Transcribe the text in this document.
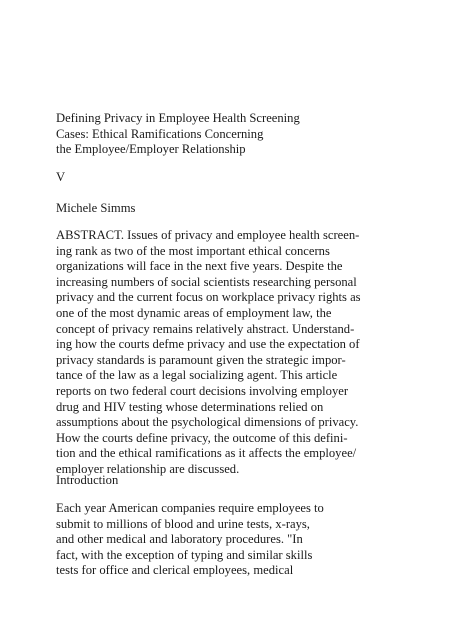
Defining Privacy in Employee Health Screening
Cases: Ethical Ramifications Concerning
the Employee/Employer Relationship
V
Michele Simms
ABSTRACT. Issues of privacy and employee health screen-
ing rank as two of the most important ethical concerns
organizations will face in the next five years. Despite the
increasing numbers of social scientists researching personal
privacy and the current focus on workplace privacy rights as
one of the most dynamic areas of employment law, the
concept of privacy remains relatively ahstract. Understand-
ing how the courts defme privacy and use the expectation of
privacy standards is paramount given the strategic impor-
tance of the law as a legal socializing agent. This article
reports on two federal court decisions involving employer
drug and HIV testing whose determinations relied on
assumptions about the psychological dimensions of privacy.
How the courts define privacy, the outcome of this defini-
tion and the ethical ramifications as it affects the employee/
employer relationship are discussed.
Introduction
Each year American companies require employees to
submit to millions of blood and urine tests, x-rays,
and other medical and laboratory procedures. "In
fact, with the exception of typing and similar skills
tests for office and clerical employees, medical
